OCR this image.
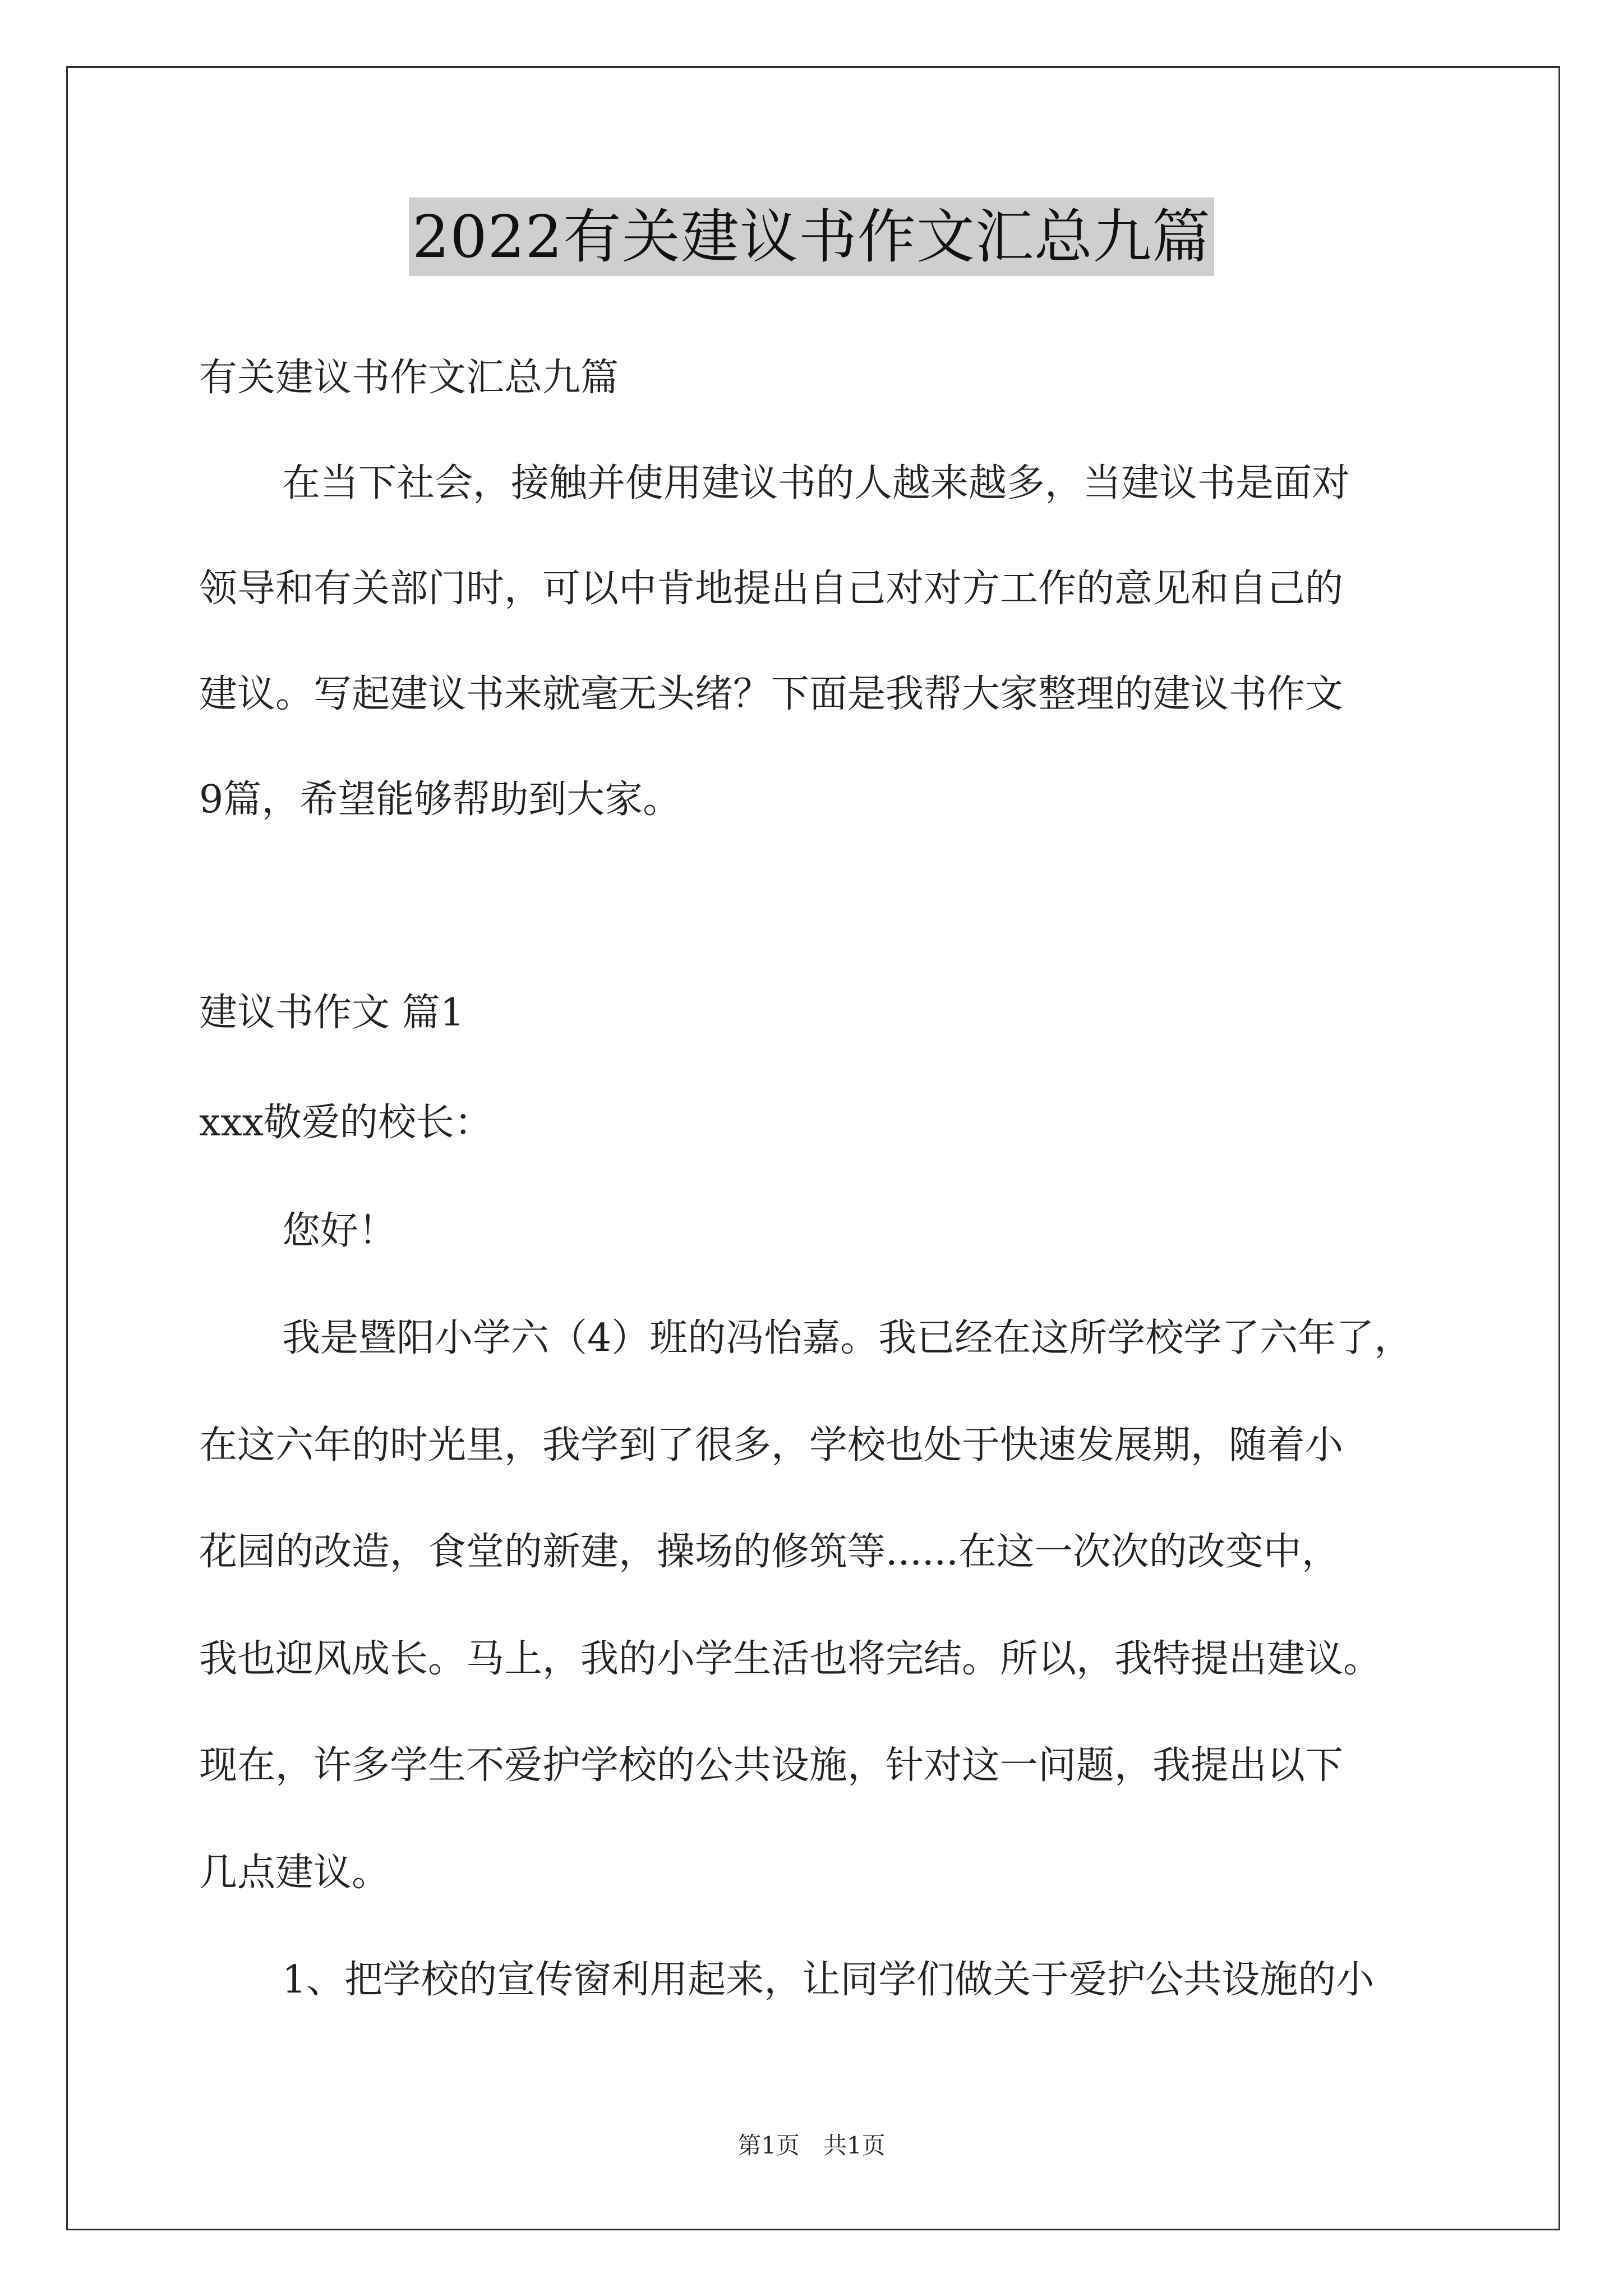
2022有关建议书作文汇总九篇
有关建议书作文汇总九篇
在当下社会，接触并使用建议书的人越来越多，当建议书是面对
领导和有关部门时，可以中肯地提出自己对对方工作的意见和自己的
建议。写起建议书来就毫无头绪？下面是我帮大家整理的建议书作文
9篇，希望能够帮助到大家。
建议书作文 篇1
xxx敬爱的校长：
您好！
我是暨阳小学六（4）班的冯怡嘉。我已经在这所学校学了六年了，
在这六年的时光里，我学到了很多，学校也处于快速发展期，随着小
花园的改造，食堂的新建，操场的修筑等......在这一次次的改变中，
我也迎风成长。马上，我的小学生活也将完结。所以，我特提出建议。
现在，许多学生不爱护学校的公共设施，针对这一问题，我提出以下
几点建议。
1、把学校的宣传窗利用起来，让同学们做关于爱护公共设施的小
第1页　共1页
